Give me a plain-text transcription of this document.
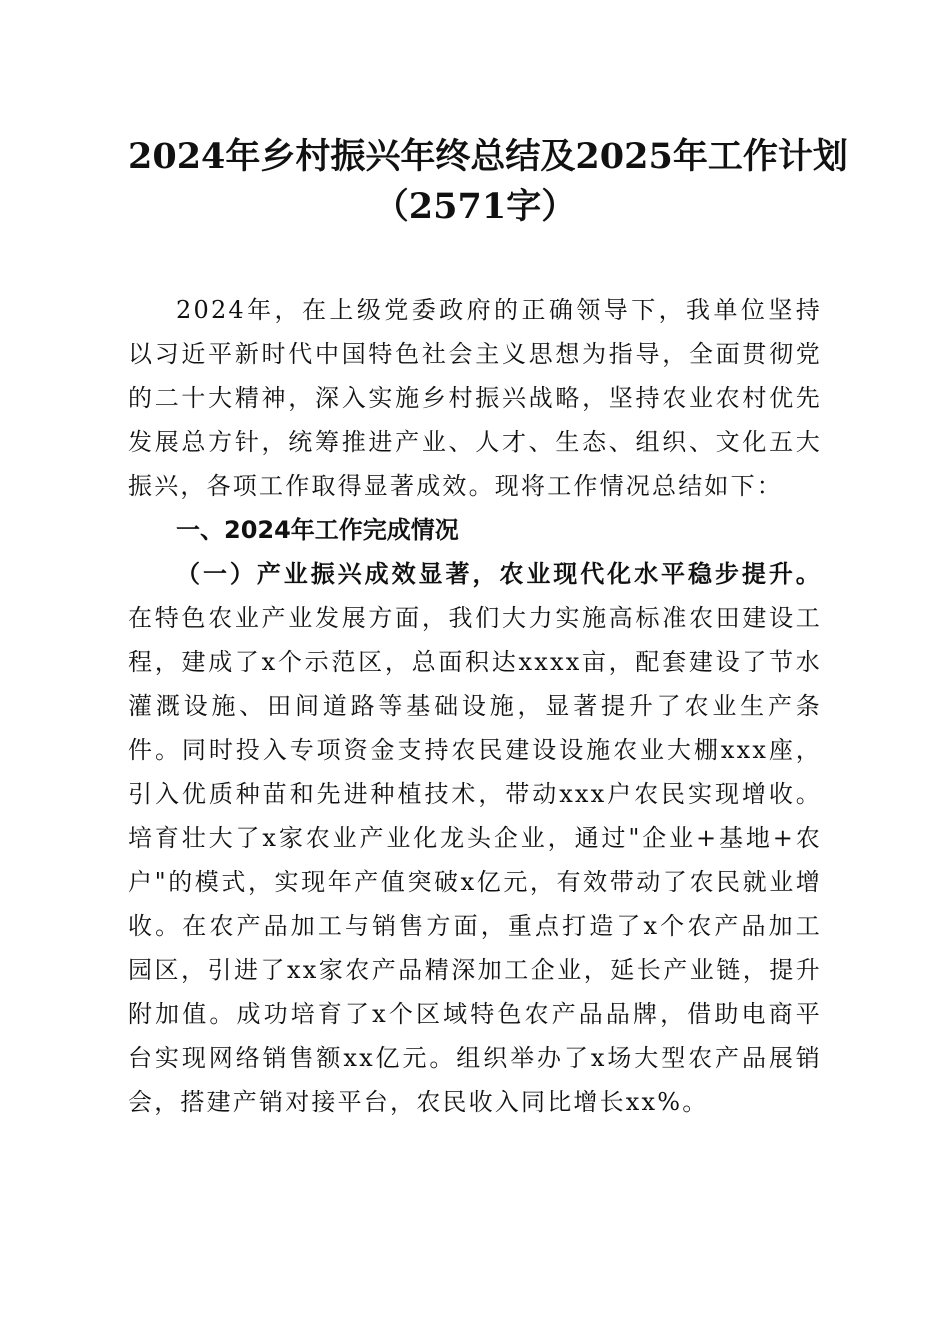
2024年乡村振兴年终总结及2025年工作计划
（2571字）

2024年，在上级党委政府的正确领导下，我单位坚持以习近平新时代中国特色社会主义思想为指导，全面贯彻党的二十大精神，深入实施乡村振兴战略，坚持农业农村优先发展总方针，统筹推进产业、人才、生态、组织、文化五大振兴，各项工作取得显著成效。现将工作情况总结如下：

一、2024年工作完成情况

（一）产业振兴成效显著，农业现代化水平稳步提升。在特色农业产业发展方面，我们大力实施高标准农田建设工程，建成了x个示范区，总面积达xxxx亩，配套建设了节水灌溉设施、田间道路等基础设施，显著提升了农业生产条件。同时投入专项资金支持农民建设设施农业大棚xxx座，引入优质种苗和先进种植技术，带动xxx户农民实现增收。培育壮大了x家农业产业化龙头企业，通过"企业+基地+农户"的模式，实现年产值突破x亿元，有效带动了农民就业增收。在农产品加工与销售方面，重点打造了x个农产品加工园区，引进了xx家农产品精深加工企业，延长产业链，提升附加值。成功培育了x个区域特色农产品品牌，借助电商平台实现网络销售额xx亿元。组织举办了x场大型农产品展销会，搭建产销对接平台，农民收入同比增长xx%。
